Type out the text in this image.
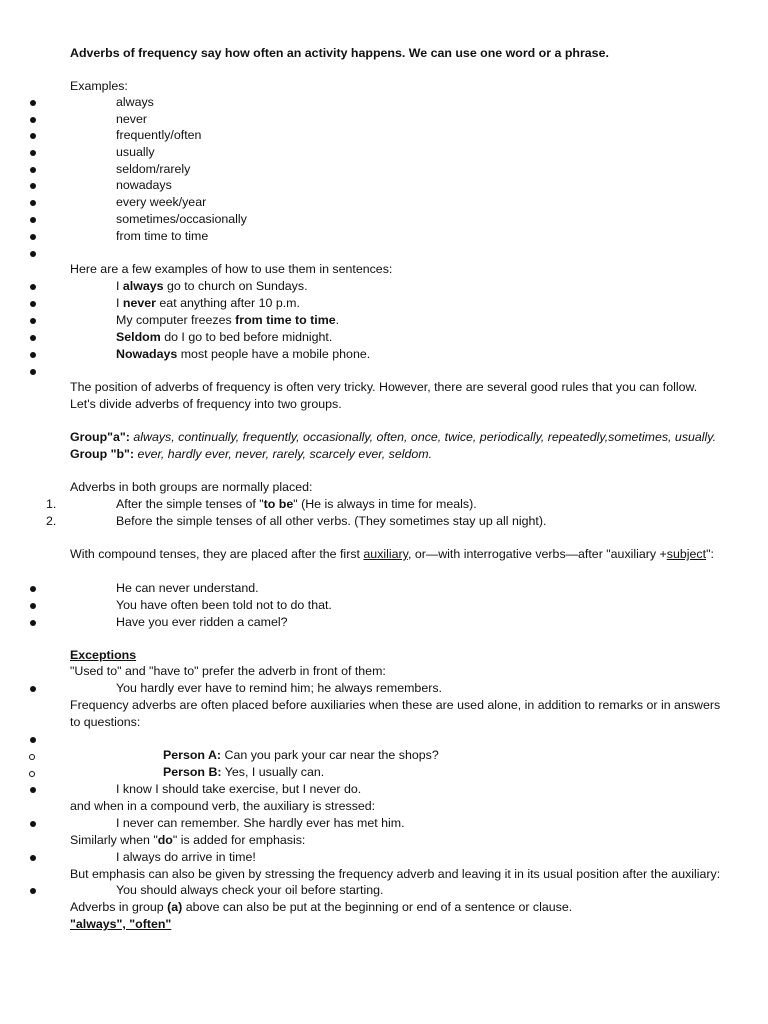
Adverbs of frequency say how often an activity happens. We can use one word or a phrase.
Examples:
always
never
frequently/often
usually
seldom/rarely
nowadays
every week/year
sometimes/occasionally
from time to time
Here are a few examples of how to use them in sentences:
I always go to church on Sundays.
I never eat anything after 10 p.m.
My computer freezes from time to time.
Seldom do I go to bed before midnight.
Nowadays most people have a mobile phone.
The position of adverbs of frequency is often very tricky. However, there are several good rules that you can follow.
Let's divide adverbs of frequency into two groups.
Group"a": always, continually, frequently, occasionally, often, once, twice, periodically, repeatedly,sometimes, usually.
Group "b": ever, hardly ever, never, rarely, scarcely ever, seldom.
Adverbs in both groups are normally placed:
1.	After the simple tenses of "to be" (He is always in time for meals).
2.	Before the simple tenses of all other verbs. (They sometimes stay up all night).
With compound tenses, they are placed after the first auxiliary, or—with interrogative verbs—after "auxiliary +subject":
He can never understand.
You have often been told not to do that.
Have you ever ridden a camel?
Exceptions
"Used to" and "have to" prefer the adverb in front of them:
You hardly ever have to remind him; he always remembers.
Frequency adverbs are often placed before auxiliaries when these are used alone, in addition to remarks or in answers
to questions:
Person A: Can you park your car near the shops?
Person B: Yes, I usually can.
I know I should take exercise, but I never do.
and when in a compound verb, the auxiliary is stressed:
I never can remember. She hardly ever has met him.
Similarly when "do" is added for emphasis:
I always do arrive in time!
But emphasis can also be given by stressing the frequency adverb and leaving it in its usual position after the auxiliary:
You should always check your oil before starting.
Adverbs in group (a) above can also be put at the beginning or end of a sentence or clause.
"always", "often"
